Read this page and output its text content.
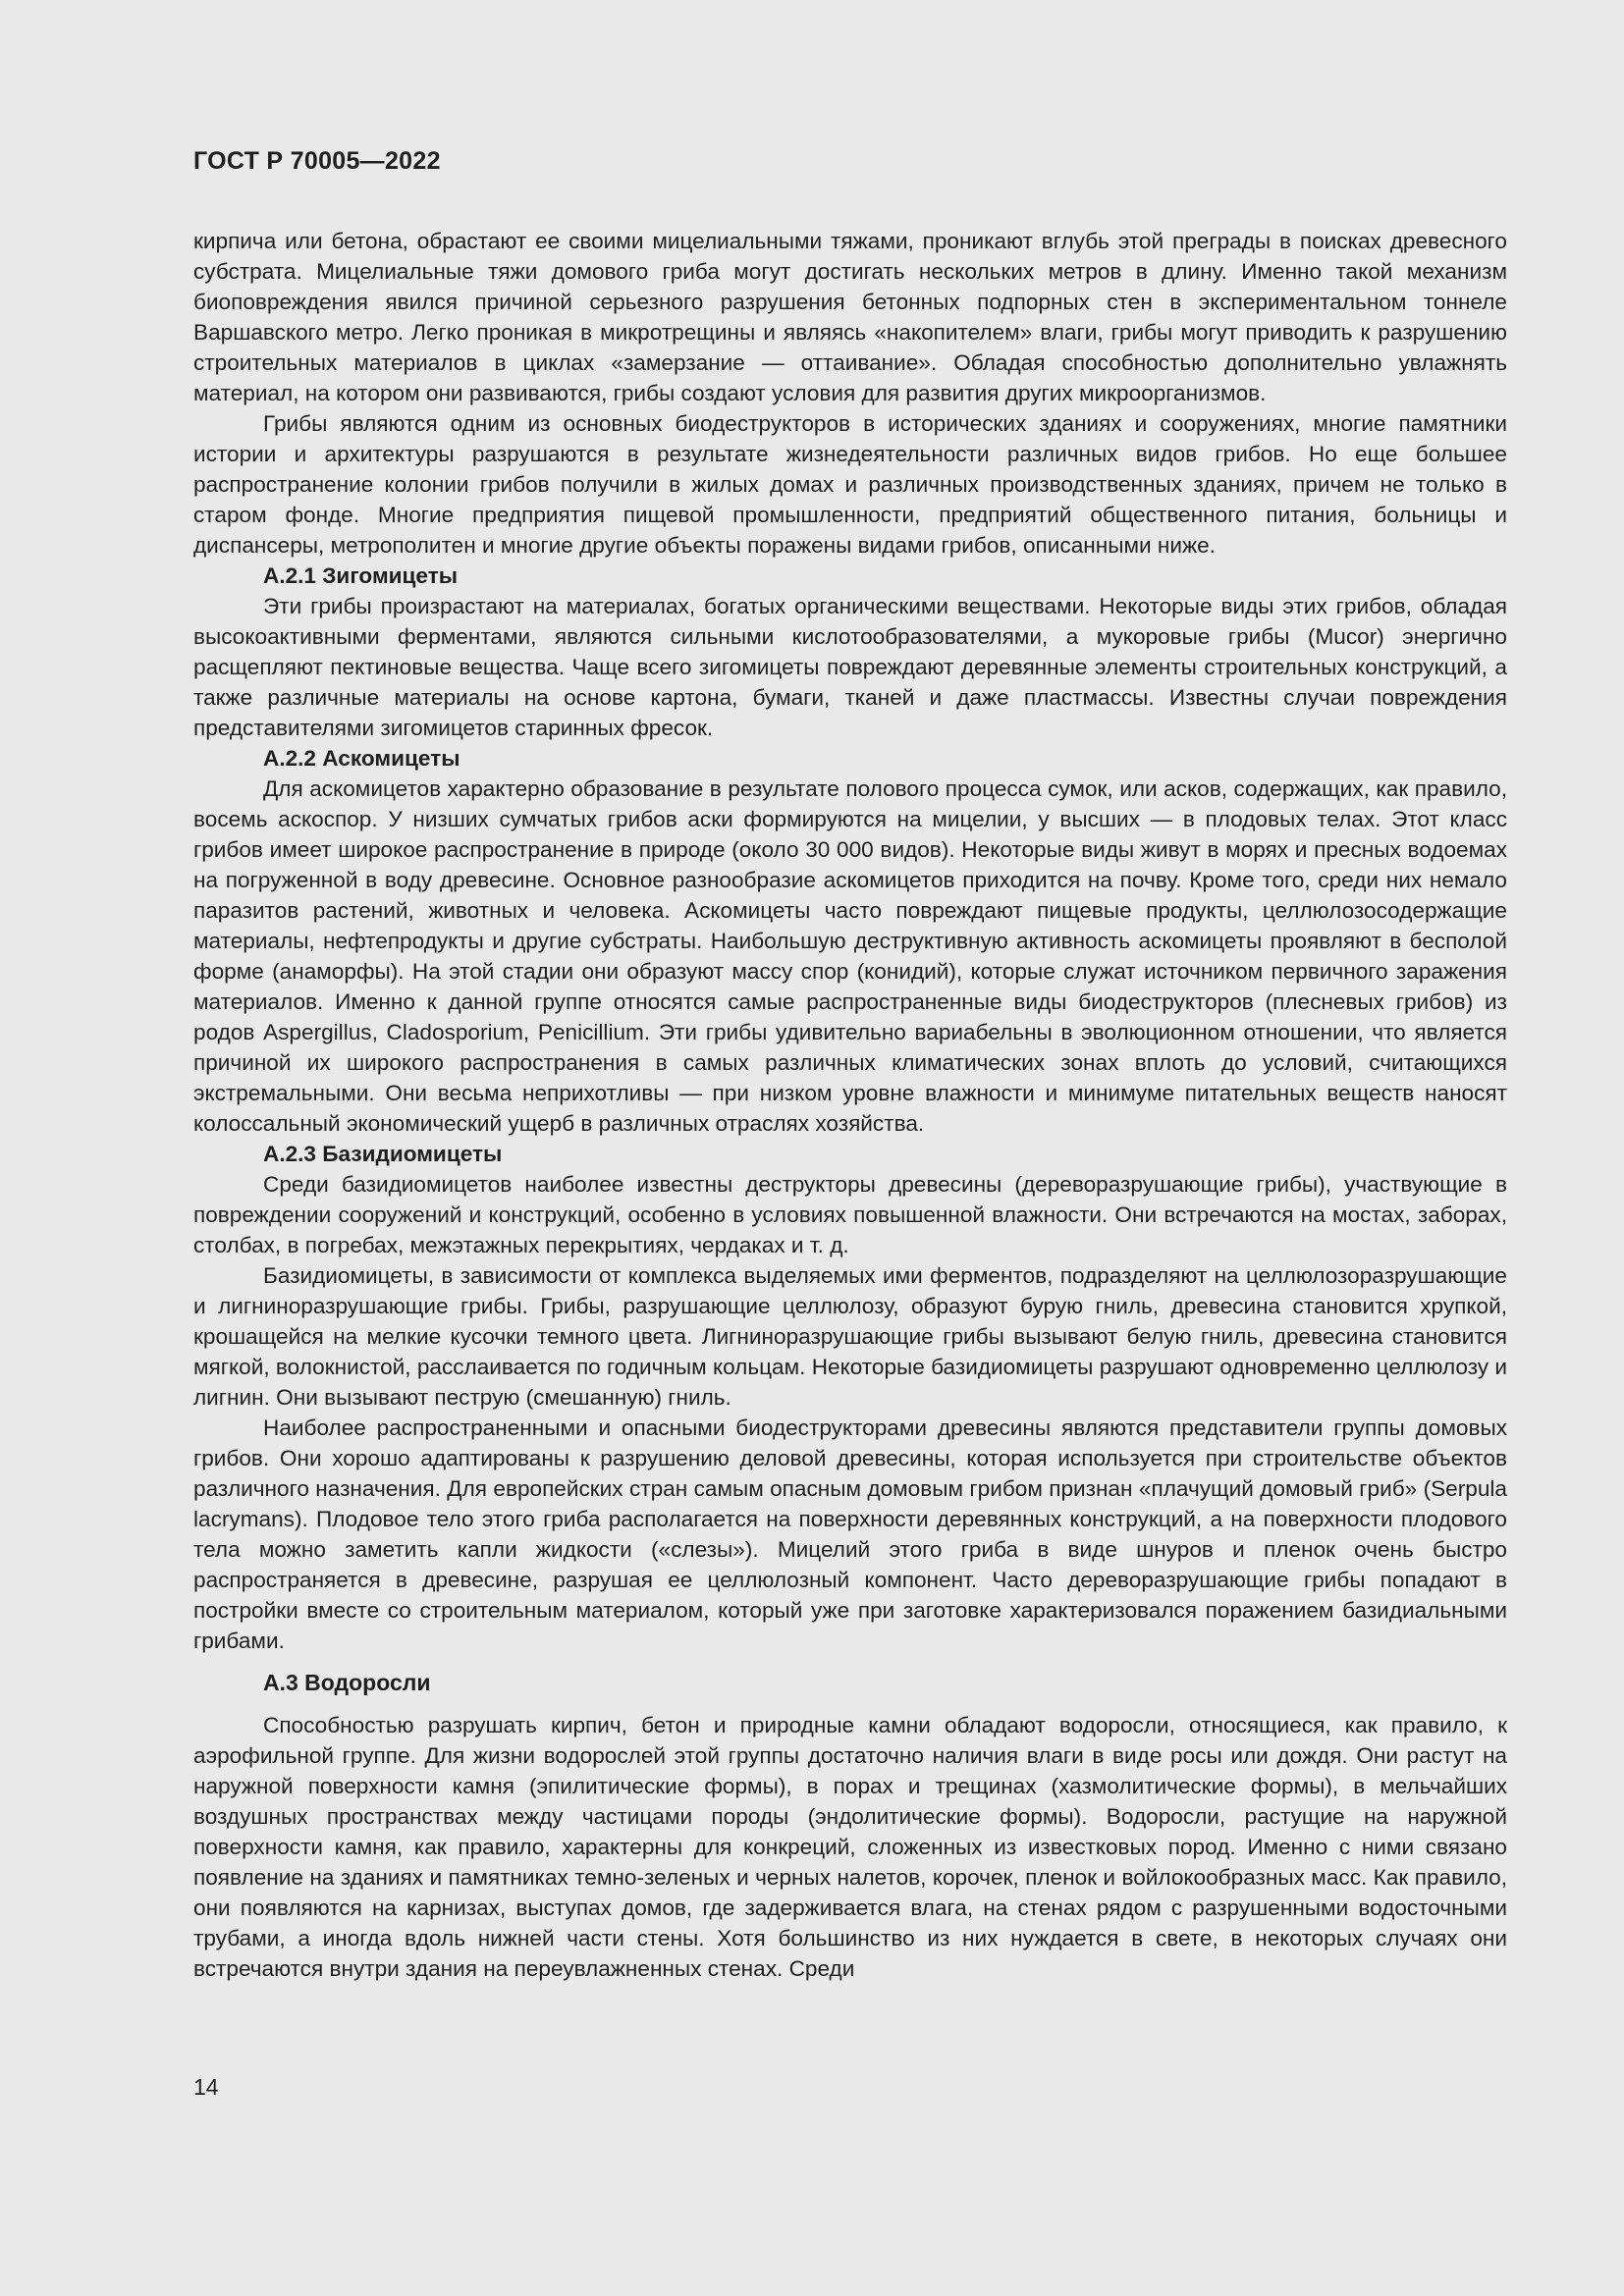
ГОСТ Р 70005—2022

кирпича или бетона, обрастают ее своими мицелиальными тяжами, проникают вглубь этой преграды в поисках древесного субстрата. Мицелиальные тяжи домового гриба могут достигать нескольких метров в длину. Именно такой механизм биоповреждения явился причиной серьезного разрушения бетонных подпорных стен в экспериментальном тоннеле Варшавского метро. Легко проникая в микротрещины и являясь «накопителем» влаги, грибы могут приводить к разрушению строительных материалов в циклах «замерзание — оттаивание». Обладая способностью дополнительно увлажнять материал, на котором они развиваются, грибы создают условия для развития других микроорганизмов.

Грибы являются одним из основных биодеструкторов в исторических зданиях и сооружениях, многие памятники истории и архитектуры разрушаются в результате жизнедеятельности различных видов грибов. Но еще большее распространение колонии грибов получили в жилых домах и различных производственных зданиях, причем не только в старом фонде. Многие предприятия пищевой промышленности, предприятий общественного питания, больницы и диспансеры, метрополитен и многие другие объекты поражены видами грибов, описанными ниже.

А.2.1 Зигомицеты

Эти грибы произрастают на материалах, богатых органическими веществами. Некоторые виды этих грибов, обладая высокоактивными ферментами, являются сильными кислотообразователями, а мукоровые грибы (Mucor) энергично расщепляют пектиновые вещества. Чаще всего зигомицеты повреждают деревянные элементы строительных конструкций, а также различные материалы на основе картона, бумаги, тканей и даже пластмассы. Известны случаи повреждения представителями зигомицетов старинных фресок.

А.2.2 Аскомицеты

Для аскомицетов характерно образование в результате полового процесса сумок, или асков, содержащих, как правило, восемь аскоспор. У низших сумчатых грибов аски формируются на мицелии, у высших — в плодовых телах. Этот класс грибов имеет широкое распространение в природе (около 30 000 видов). Некоторые виды живут в морях и пресных водоемах на погруженной в воду древесине. Основное разнообразие аскомицетов приходится на почву. Кроме того, среди них немало паразитов растений, животных и человека. Аскомицеты часто повреждают пищевые продукты, целлюлозосодержащие материалы, нефтепродукты и другие субстраты. Наибольшую деструктивную активность аскомицеты проявляют в бесполой форме (анаморфы). На этой стадии они образуют массу спор (конидий), которые служат источником первичного заражения материалов. Именно к данной группе относятся самые распространенные виды биодеструкторов (плесневых грибов) из родов Aspergillus, Cladosporium, Penicillium. Эти грибы удивительно вариабельны в эволюционном отношении, что является причиной их широкого распространения в самых различных климатических зонах вплоть до условий, считающихся экстремальными. Они весьма неприхотливы — при низком уровне влажности и минимуме питательных веществ наносят колоссальный экономический ущерб в различных отраслях хозяйства.

А.2.3 Базидиомицеты

Среди базидиомицетов наиболее известны деструкторы древесины (дереворазрушающие грибы), участвующие в повреждении сооружений и конструкций, особенно в условиях повышенной влажности. Они встречаются на мостах, заборах, столбах, в погребах, межэтажных перекрытиях, чердаках и т. д.

Базидиомицеты, в зависимости от комплекса выделяемых ими ферментов, подразделяют на целлюлозоразрушающие и лигниноразрушающие грибы. Грибы, разрушающие целлюлозу, образуют бурую гниль, древесина становится хрупкой, крошащейся на мелкие кусочки темного цвета. Лигниноразрушающие грибы вызывают белую гниль, древесина становится мягкой, волокнистой, расслаивается по годичным кольцам. Некоторые базидиомицеты разрушают одновременно целлюлозу и лигнин. Они вызывают пеструю (смешанную) гниль.

Наиболее распространенными и опасными биодеструкторами древесины являются представители группы домовых грибов. Они хорошо адаптированы к разрушению деловой древесины, которая используется при строительстве объектов различного назначения. Для европейских стран самым опасным домовым грибом признан «плачущий домовый гриб» (Serpula lacrymans). Плодовое тело этого гриба располагается на поверхности деревянных конструкций, а на поверхности плодового тела можно заметить капли жидкости («слезы»). Мицелий этого гриба в виде шнуров и пленок очень быстро распространяется в древесине, разрушая ее целлюлозный компонент. Часто дереворазрушающие грибы попадают в постройки вместе со строительным материалом, который уже при заготовке характеризовался поражением базидиальными грибами.

А.3 Водоросли

Способностью разрушать кирпич, бетон и природные камни обладают водоросли, относящиеся, как правило, к аэрофильной группе. Для жизни водорослей этой группы достаточно наличия влаги в виде росы или дождя. Они растут на наружной поверхности камня (эпилитические формы), в порах и трещинах (хазмолитические формы), в мельчайших воздушных пространствах между частицами породы (эндолитические формы). Водоросли, растущие на наружной поверхности камня, как правило, характерны для конкреций, сложенных из известковых пород. Именно с ними связано появление на зданиях и памятниках темно-зеленых и черных налетов, корочек, пленок и войлокообразных масс. Как правило, они появляются на карнизах, выступах домов, где задерживается влага, на стенах рядом с разрушенными водосточными трубами, а иногда вдоль нижней части стены. Хотя большинство из них нуждается в свете, в некоторых случаях они встречаются внутри здания на переувлажненных стенах. Среди

14
